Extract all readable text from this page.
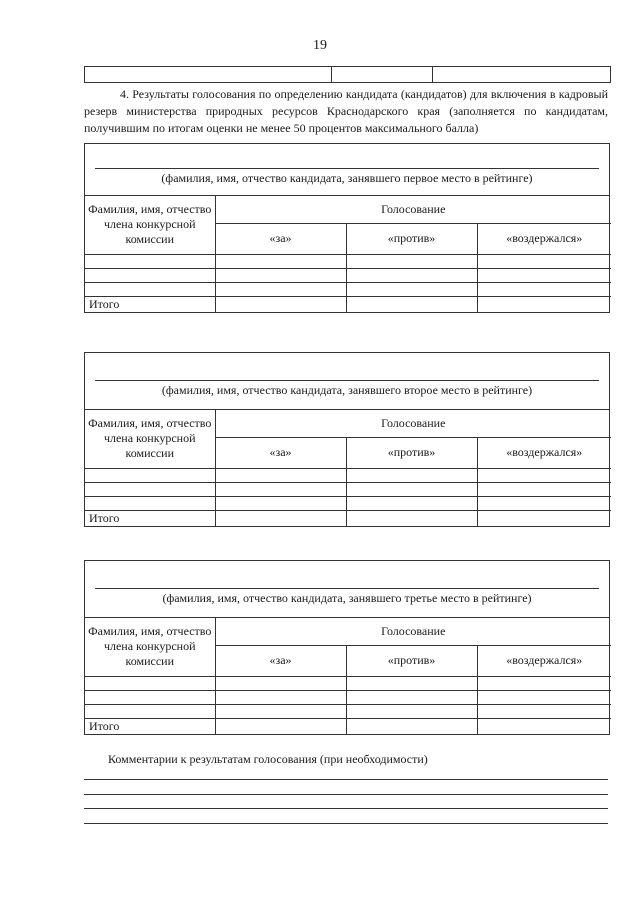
19

4. Результаты голосования по определению кандидата (кандидатов) для включения в кадровый резерв министерства природных ресурсов Краснодарского края (заполняется по кандидатам, получившим по итогам оценки не менее 50 процентов максимального балла)

(фамилия, имя, отчество кандидата, занявшего первое место в рейтинге)
Фамилия, имя, отчество члена конкурсной комиссии	Голосование		
	«за»	«против»	«воздержался»

Итого			
(фамилия, имя, отчество кандидата, занявшего второе место в рейтинге)
Фамилия, имя, отчество члена конкурсной комиссии	Голосование		
	«за»	«против»	«воздержался»

Итого			
(фамилия, имя, отчество кандидата, занявшего третье место в рейтинге)
Фамилия, имя, отчество члена конкурсной комиссии	Голосование		
	«за»	«против»	«воздержался»

Итого			
Комментарии к результатам голосования (при необходимости)
